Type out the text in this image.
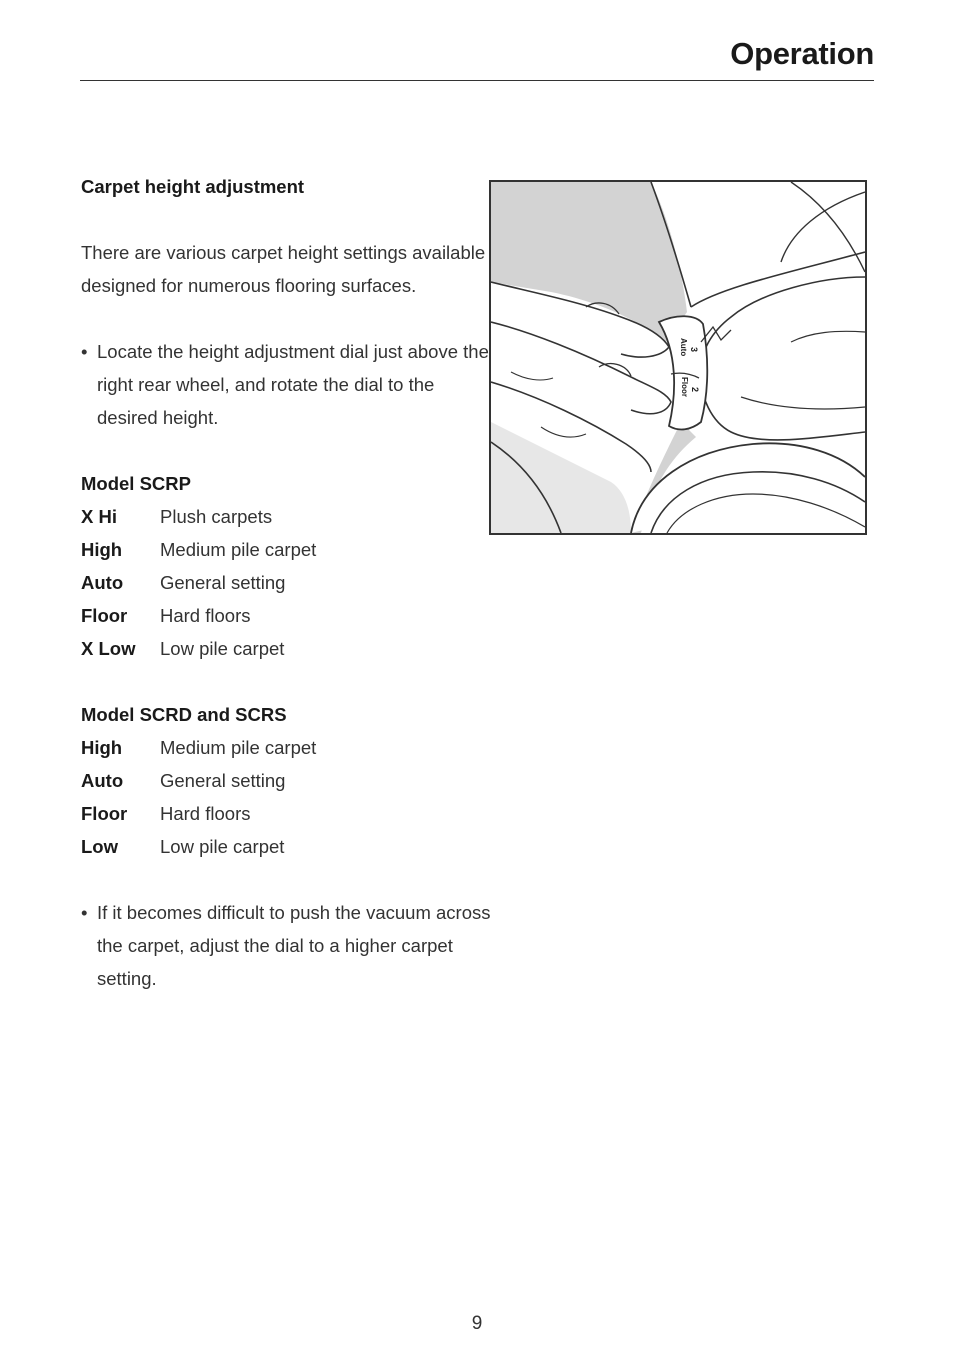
Operation

Carpet height adjustment

There are various carpet height settings available designed for numerous flooring surfaces.

• Locate the height adjustment dial just above the right rear wheel, and rotate the dial to the desired height.

Model SCRP

X Hi	Plush carpets
High	Medium pile carpet
Auto	General setting
Floor	Hard floors
X Low	Low pile carpet

Model SCRD and SCRS

High	Medium pile carpet
Auto	General setting
Floor	Hard floors
Low	Low pile carpet
• If it becomes difficult to push the vacuum across the carpet, adjust the dial to a higher carpet setting.
3
Auto
2
Floor
9
